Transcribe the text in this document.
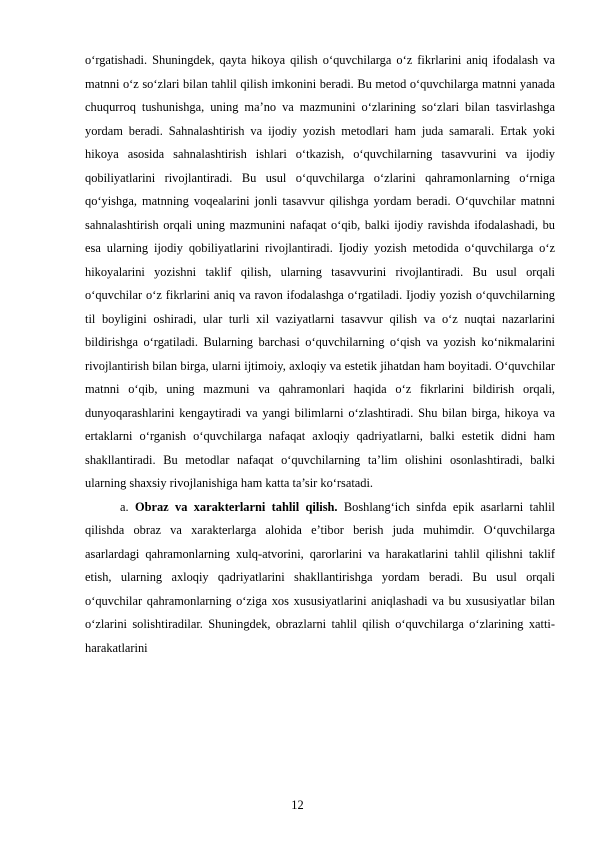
o‘rgatishadi. Shuningdek, qayta hikoya qilish o‘quvchilarga o‘z fikrlarini aniq ifodalash va matnni o‘z so‘zlari bilan tahlil qilish imkonini beradi. Bu metod o‘quvchilarga matnni yanada chuqurroq tushunishga, uning ma’no va mazmunini o‘zlarining so‘zlari bilan tasvirlashga yordam beradi. Sahnalashtirish va ijodiy yozish metodlari ham juda samarali. Ertak yoki hikoya asosida sahnalashtirish ishlari o‘tkazish, o‘quvchilarning tasavvurini va ijodiy qobiliyatlarini rivojlantiradi. Bu usul o‘quvchilarga o‘zlarini qahramonlarning o‘rniga qo‘yishga, matnning voqealarini jonli tasavvur qilishga yordam beradi. O‘quvchilar matnni sahnalashtirish orqali uning mazmunini nafaqat o‘qib, balki ijodiy ravishda ifodalashadi, bu esa ularning ijodiy qobiliyatlarini rivojlantiradi. Ijodiy yozish metodida o‘quvchilarga o‘z hikoyalarini yozishni taklif qilish, ularning tasavvurini rivojlantiradi. Bu usul orqali o‘quvchilar o‘z fikrlarini aniq va ravon ifodalashga o‘rgatiladi. Ijodiy yozish o‘quvchilarning til boyligini oshiradi, ular turli xil vaziyatlarni tasavvur qilish va o‘z nuqtai nazarlarini bildirishga o‘rgatiladi. Bularning barchasi o‘quvchilarning o‘qish va yozish ko‘nikmalarini rivojlantirish bilan birga, ularni ijtimoiy, axloqiy va estetik jihatdan ham boyitadi. O‘quvchilar matnni o‘qib, uning mazmuni va qahramonlari haqida o‘z fikrlarini bildirish orqali, dunyoqarashlarini kengaytiradi va yangi bilimlarni o‘zlashtiradi. Shu bilan birga, hikoya va ertaklarni o‘rganish o‘quvchilarga nafaqat axloqiy qadriyatlarni, balki estetik didni ham shakllantiradi. Bu metodlar nafaqat o‘quvchilarning ta’lim olishini osonlashtiradi, balki ularning shaxsiy rivojlanishiga ham katta ta’sir ko‘rsatadi.

a. Obraz va xarakterlarni tahlil qilish. Boshlang‘ich sinfda epik asarlarni tahlil qilishda obraz va xarakterlarga alohida e’tibor berish juda muhimdir. O‘quvchilarga asarlardagi qahramonlarning xulq-atvorini, qarorlarini va harakatlarini tahlil qilishni taklif etish, ularning axloqiy qadriyatlarini shakllantirishga yordam beradi. Bu usul orqali o‘quvchilar qahramonlarning o‘ziga xos xususiyatlarini aniqlashadi va bu xususiyatlar bilan o‘zlarini solishtiradilar. Shuningdek, obrazlarni tahlil qilish o‘quvchilarga o‘zlarining xatti-harakatlarini

12
